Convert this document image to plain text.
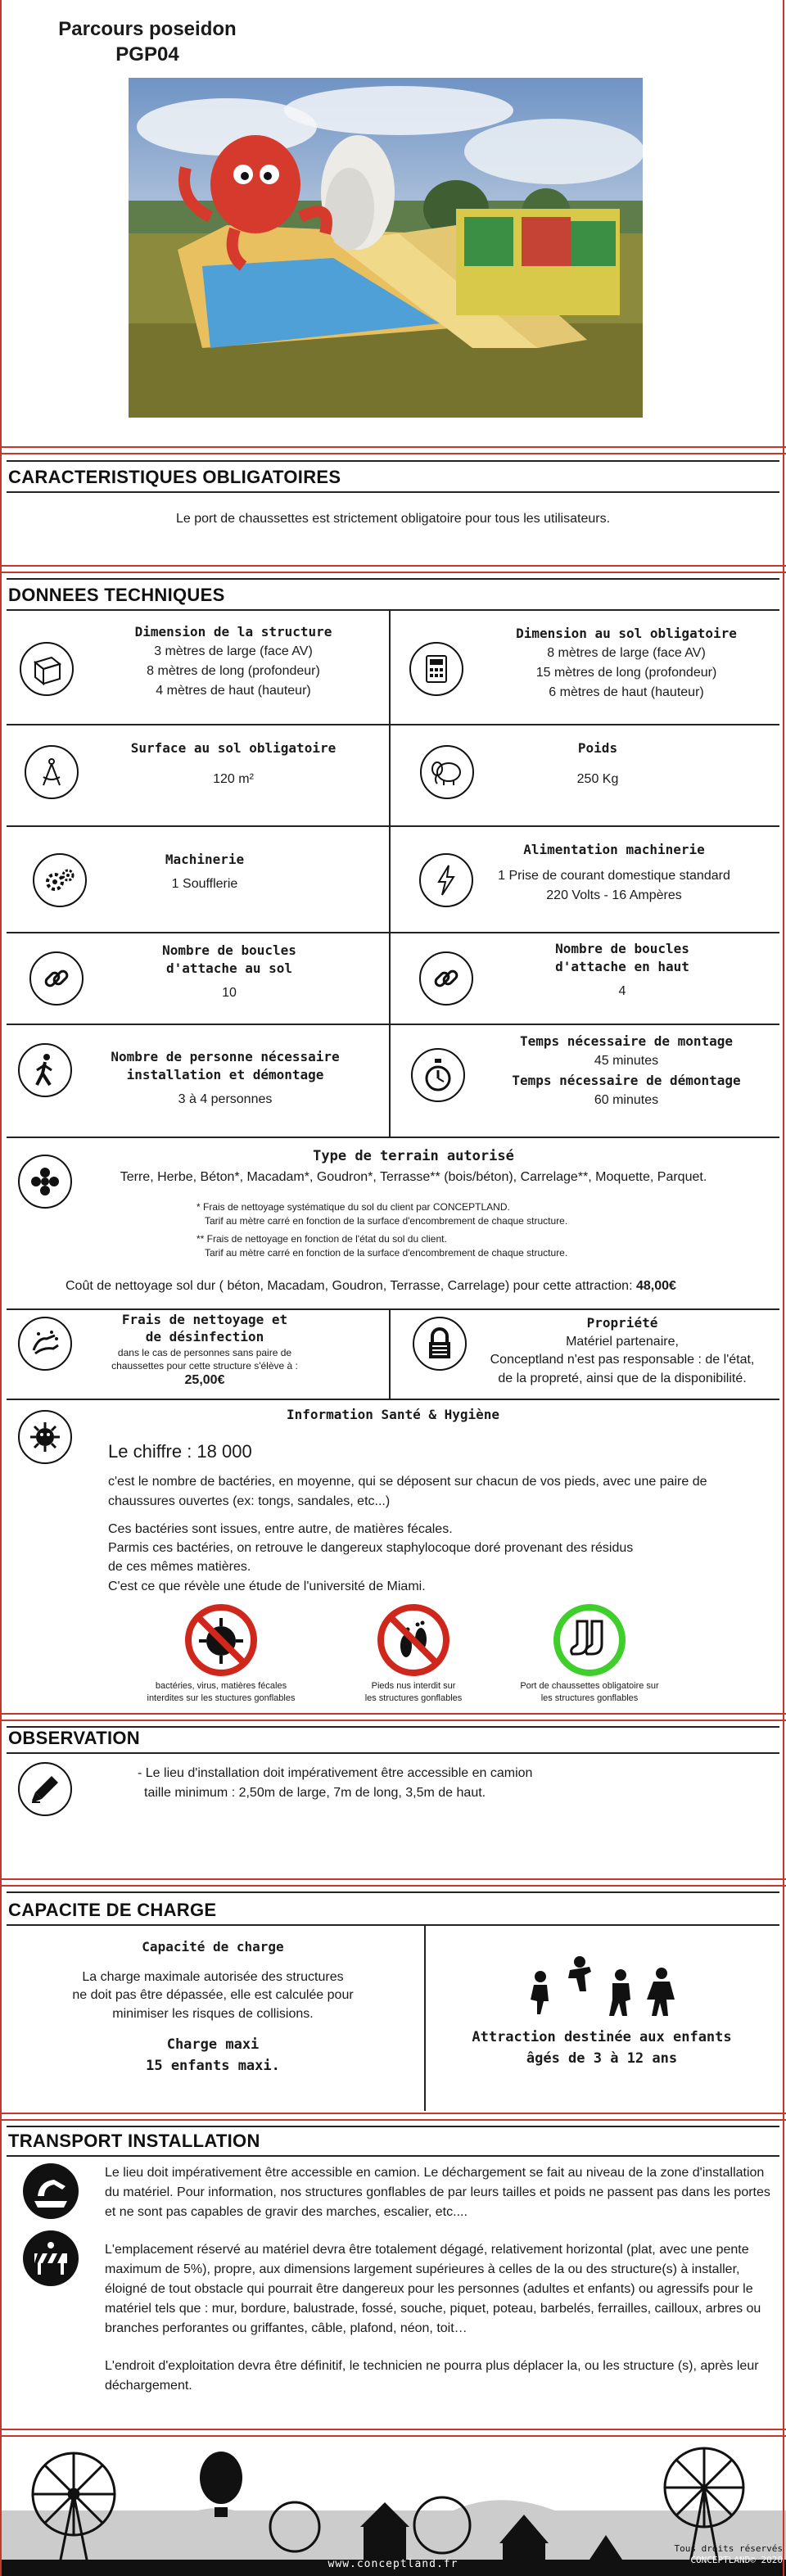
Parcours poseidon
PGP04
CARACTERISTIQUES OBLIGATOIRES
Le port de chaussettes est strictement obligatoire pour tous les utilisateurs.
DONNEES TECHNIQUES
Dimension de la structure
3 mètres de large (face AV)
8 mètres de long (profondeur)
4 mètres de haut (hauteur)
Dimension au sol obligatoire
8 mètres de large (face AV)
15 mètres de long (profondeur)
6 mètres de haut (hauteur)
Surface au sol obligatoire
120 m²
Poids
250 Kg
Machinerie
1 Soufflerie
Alimentation machinerie
1 Prise de courant domestique standard
220 Volts - 16 Ampères
Nombre de boucles
d'attache au sol
10
Nombre de boucles
d'attache en haut
4
Nombre de personne nécessaire
installation et démontage
3 à 4 personnes
Temps nécessaire de montage
45 minutes
Temps nécessaire de démontage
60 minutes
Type de terrain autorisé
Terre, Herbe, Béton*, Macadam*, Goudron*, Terrasse** (bois/béton), Carrelage**, Moquette, Parquet.
* Frais de nettoyage systématique du sol du client par CONCEPTLAND.
Tarif au mètre carré en fonction de la surface d'encombrement de chaque structure.
** Frais de nettoyage en fonction de l'état du sol du client.
Tarif au mètre carré en fonction de la surface d'encombrement de chaque structure.
Coût de nettoyage sol dur ( béton, Macadam, Goudron, Terrasse, Carrelage) pour cette attraction: 48,00€
Frais de nettoyage et
de désinfection
dans le cas de personnes sans paire de
chaussettes pour cette structure s'élève à :
25,00€
Propriété
Matériel partenaire,
Conceptland n'est pas responsable : de l'état,
de la propreté, ainsi que de la disponibilité.
Information Santé & Hygiène
Le chiffre : 18 000
c'est le nombre de bactéries, en moyenne, qui se déposent sur chacun de vos pieds, avec une paire de chaussures ouvertes (ex: tongs, sandales, etc...)
Ces bactéries sont issues, entre autre, de matières fécales.
Parmis ces bactéries, on retrouve le dangereux staphylocoque doré provenant des résidus
de ces mêmes matières.
C'est ce que révèle une étude de l'université de Miami.
bactéries, virus, matières fécales
interdites sur les stuctures gonflables
Pieds nus interdit sur
les structures gonflables
Port de chaussettes obligatoire sur
les structures gonflables
OBSERVATION
- Le lieu d'installation doit impérativement être accessible en camion
taille minimum : 2,50m de large, 7m de long, 3,5m de haut.
CAPACITE DE CHARGE
Capacité de charge
La charge maximale autorisée des structures
ne doit pas être dépassée, elle est calculée pour
minimiser les risques de collisions.
Charge maxi
15 enfants maxi.
Attraction destinée aux enfants
âgés de 3 à 12 ans
TRANSPORT INSTALLATION

Le lieu doit impérativement être accessible en camion. Le déchargement se fait au niveau de la zone d'installation du matériel. Pour information, nos structures gonflables de par leurs tailles et poids ne passent pas dans les portes et ne sont pas capables de gravir des marches, escalier, etc....

L'emplacement réservé au matériel devra être totalement dégagé, relativement horizontal (plat, avec une pente maximum de 5%), propre, aux dimensions largement supérieures à celles de la ou des structure(s) à installer, éloigné de tout obstacle qui pourrait être dangereux pour les personnes (adultes et enfants) ou agressifs pour le matériel tels que : mur, bordure, balustrade, fossé, souche, piquet, poteau, barbelés, ferrailles, cailloux, arbres ou branches perforantes ou griffantes, câble, plafond, néon, toit…

L'endroit d'exploitation devra être définitif, le technicien ne pourra plus déplacer la, ou les structure (s), après leur déchargement.

www.conceptland.fr
Tous droits réservés
CONCEPTLAND© 2020
